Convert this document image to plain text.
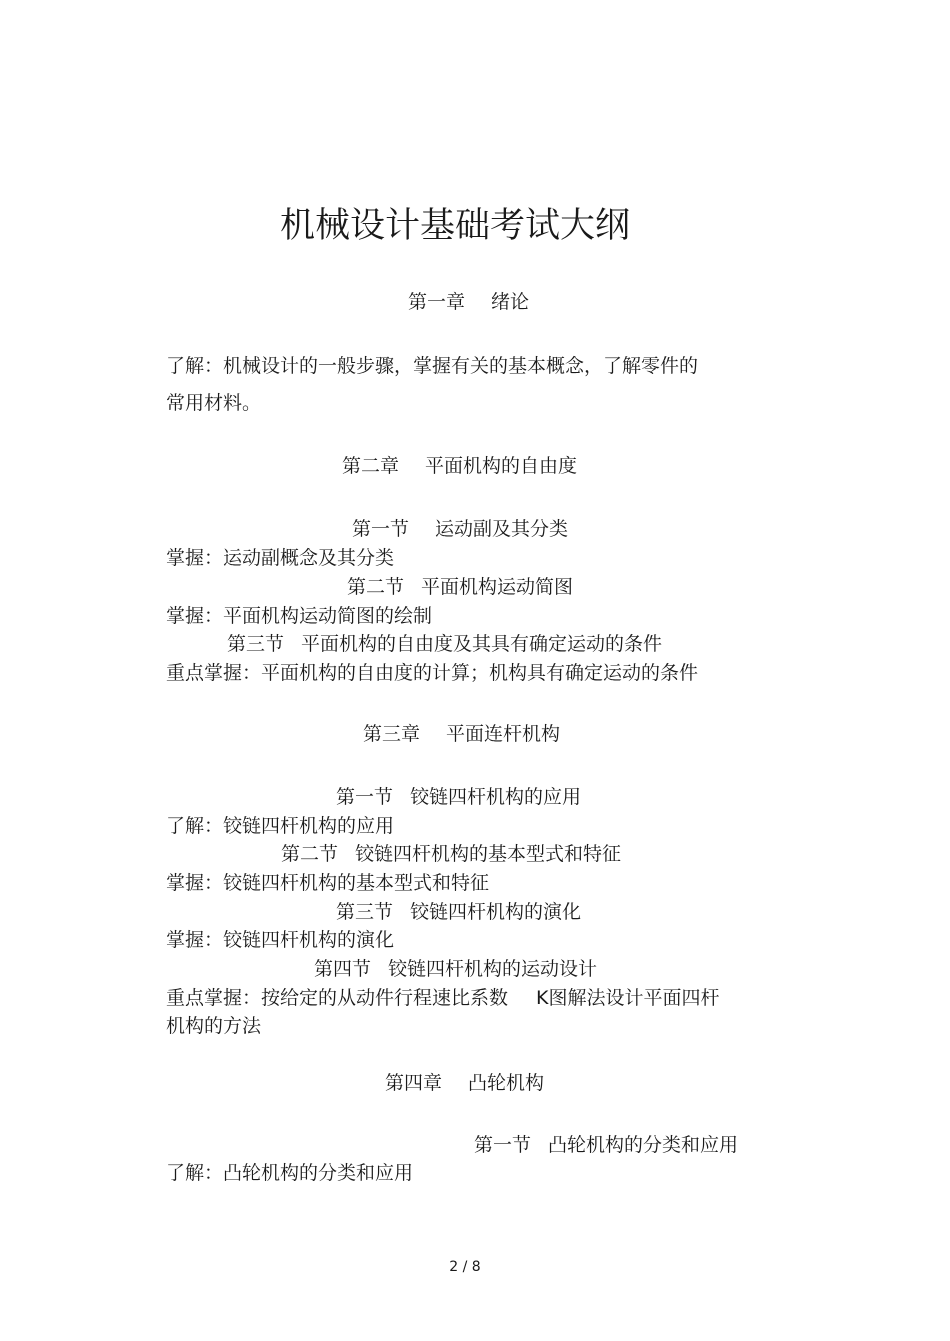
机械设计基础考试大纲
第一章 绪论
了解：机械设计的一般步骤，掌握有关的基本概念，了解零件的
常用材料。
第二章 平面机构的自由度
第一节 运动副及其分类
掌握：运动副概念及其分类
第二节 平面机构运动简图
掌握：平面机构运动简图的绘制
第三节 平面机构的自由度及其具有确定运动的条件
重点掌握：平面机构的自由度的计算；机构具有确定运动的条件
第三章 平面连杆机构
第一节 铰链四杆机构的应用
了解：铰链四杆机构的应用
第二节 铰链四杆机构的基本型式和特征
掌握：铰链四杆机构的基本型式和特征
第三节 铰链四杆机构的演化
掌握：铰链四杆机构的演化
第四节 铰链四杆机构的运动设计
重点掌握：按给定的从动件行程速比系数 K图解法设计平面四杆
机构的方法
第四章 凸轮机构
第一节 凸轮机构的分类和应用
了解：凸轮机构的分类和应用
2 / 8
